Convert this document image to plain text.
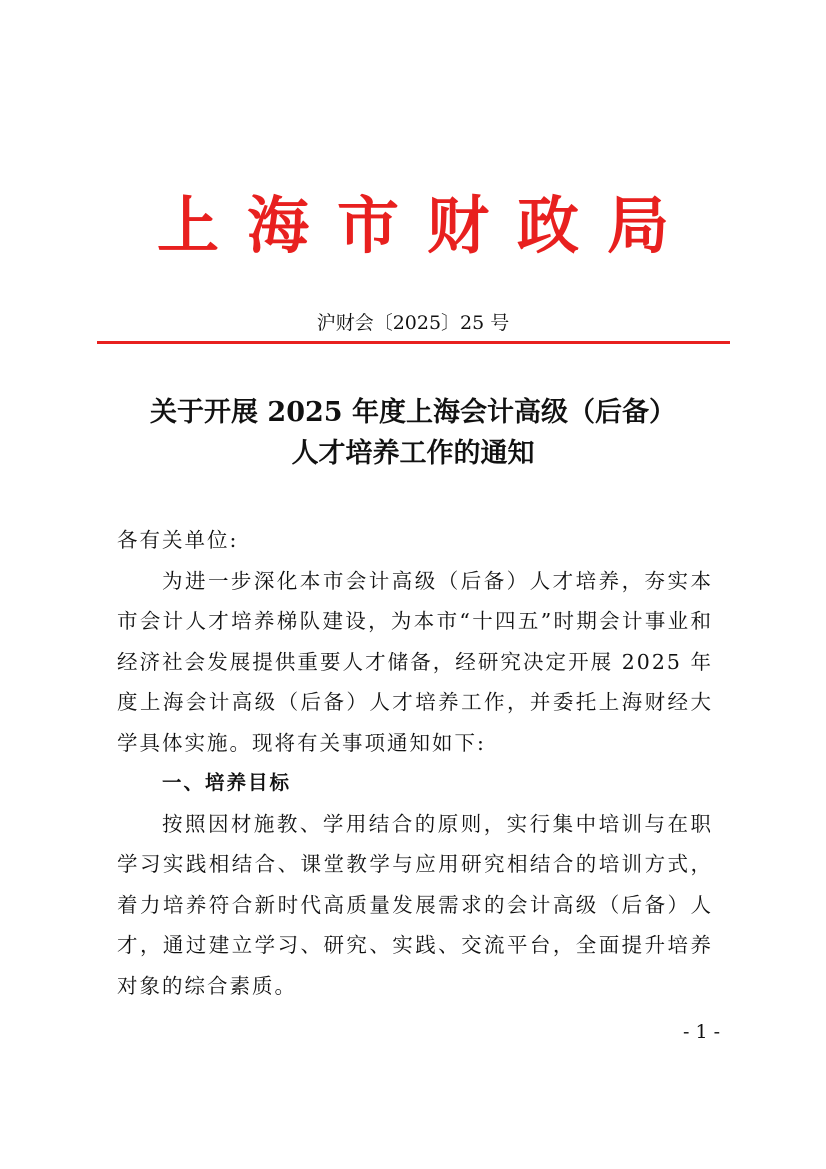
上海市财政局
沪财会〔2025〕25 号
关于开展 2025 年度上海会计高级（后备）
人才培养工作的通知

各有关单位:

为进一步深化本市会计高级（后备）人才培养，夯实本市会计人才培养梯队建设，为本市“十四五”时期会计事业和经济社会发展提供重要人才储备，经研究决定开展 2025 年度上海会计高级（后备）人才培养工作，并委托上海财经大学具体实施。现将有关事项通知如下:

一、培养目标

按照因材施教、学用结合的原则，实行集中培训与在职学习实践相结合、课堂教学与应用研究相结合的培训方式，着力培养符合新时代高质量发展需求的会计高级（后备）人才，通过建立学习、研究、实践、交流平台，全面提升培养对象的综合素质。

- 1 -
